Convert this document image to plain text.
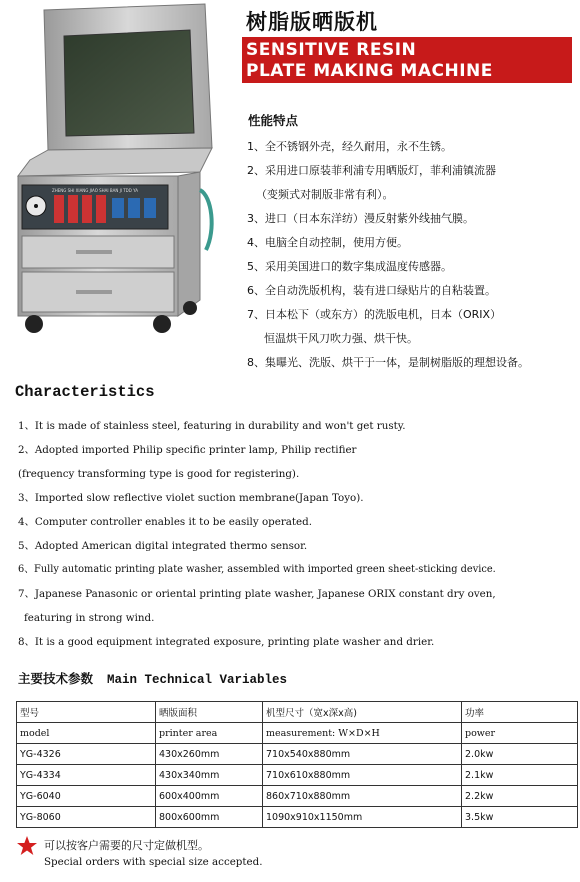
ZHENG SHI XIANG JIAO SHAI BAN JI TDD YA
树脂版晒版机
SENSITIVE RESIN
PLATE MAKING MACHINE
性能特点
1、全不锈钢外壳，经久耐用，永不生锈。
2、采用进口原装菲利浦专用晒版灯，菲利浦镇流器
（变频式对制版非常有利）。
3、进口（日本东洋纺）漫反射紫外线抽气膜。
4、电脑全自动控制，使用方便。
5、采用美国进口的数字集成温度传感器。
6、全自动洗版机构，装有进口绿贴片的自粘装置。
7、日本松下（或东方）的洗版电机，日本（ORIX）
恒温烘干风刀吹力强、烘干快。
8、集曝光、洗版、烘干于一体，是制树脂版的理想设备。
Characteristics
1、It is made of stainless steel, featuring in durability and won't get rusty.
2、Adopted imported Philip specific printer lamp, Philip rectifier
(frequency transforming type is good for registering).
3、Imported slow reflective violet suction membrane(Japan Toyo).
4、Computer controller enables it to be easily operated.
5、Adopted American digital integrated thermo sensor.
6、Fully automatic printing plate washer, assembled with imported green sheet-sticking device.
7、Japanese Panasonic or oriental printing plate washer, Japanese ORIX constant dry oven,
featuring in strong wind.
8、It is a good equipment integrated exposure, printing plate washer and drier.
主要技术参数 Main Technical Variables
型号	晒版面积	机型尺寸（宽x深x高)	功率
model	printer area	measurement: W×D×H	power
YG-4326	430x260mm	710x540x880mm	2.0kw
YG-4334	430x340mm	710x610x880mm	2.1kw
YG-6040	600x400mm	860x710x880mm	2.2kw
YG-8060	800x600mm	1090x910x1150mm	3.5kw
可以按客户需要的尺寸定做机型。
Special orders with special size accepted.
